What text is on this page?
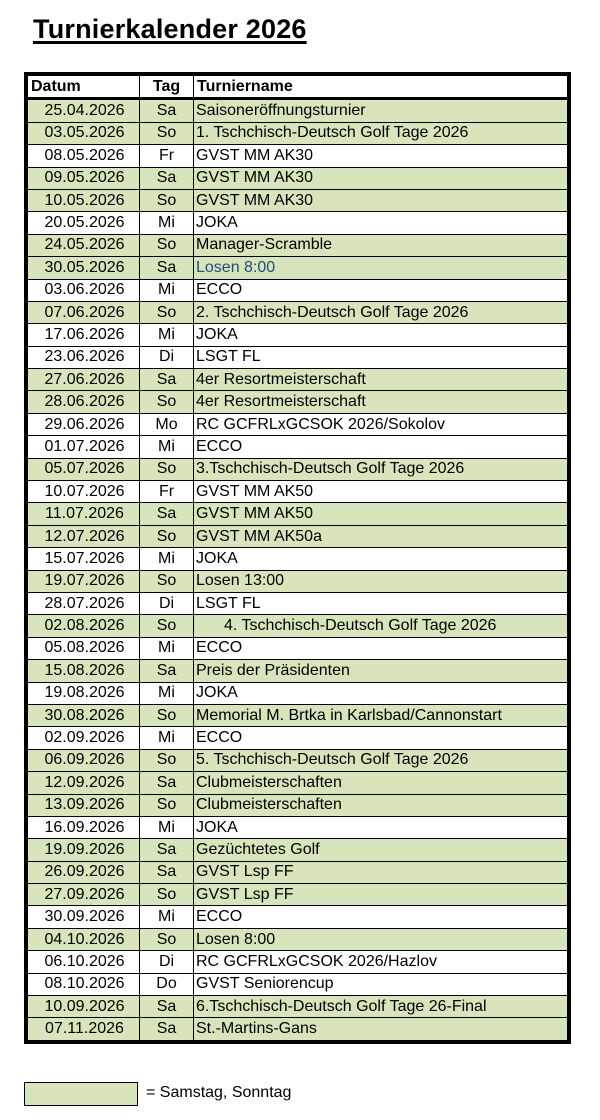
Turnierkalender 2026
Datum	Tag	Turniername
25.04.2026	Sa	Saisoneröffnungsturnier
03.05.2026	So	1. Tschchisch-Deutsch Golf Tage 2026
08.05.2026	Fr	GVST MM AK30
09.05.2026	Sa	GVST MM AK30
10.05.2026	So	GVST MM AK30
20.05.2026	Mi	JOKA
24.05.2026	So	Manager-Scramble
30.05.2026	Sa	Losen 8:00
03.06.2026	Mi	ECCO
07.06.2026	So	2. Tschchisch-Deutsch Golf Tage 2026
17.06.2026	Mi	JOKA
23.06.2026	Di	LSGT FL
27.06.2026	Sa	4er Resortmeisterschaft
28.06.2026	So	4er Resortmeisterschaft
29.06.2026	Mo	RC GCFRLxGCSOK 2026/Sokolov
01.07.2026	Mi	ECCO
05.07.2026	So	3.Tschchisch-Deutsch Golf Tage 2026
10.07.2026	Fr	GVST MM AK50
11.07.2026	Sa	GVST MM AK50
12.07.2026	So	GVST MM AK50a
15.07.2026	Mi	JOKA
19.07.2026	So	Losen 13:00
28.07.2026	Di	LSGT FL
02.08.2026	So	4. Tschchisch-Deutsch Golf Tage 2026
05.08.2026	Mi	ECCO
15.08.2026	Sa	Preis der Präsidenten
19.08.2026	Mi	JOKA
30.08.2026	So	Memorial M. Brtka in Karlsbad/Cannonstart
02.09.2026	Mi	ECCO
06.09.2026	So	5. Tschchisch-Deutsch Golf Tage 2026
12.09.2026	Sa	Clubmeisterschaften
13.09.2026	So	Clubmeisterschaften
16.09.2026	Mi	JOKA
19.09.2026	Sa	Gezüchtetes Golf
26.09.2026	Sa	GVST Lsp FF
27.09.2026	So	GVST Lsp FF
30.09.2026	Mi	ECCO
04.10.2026	So	Losen 8:00
06.10.2026	Di	RC GCFRLxGCSOK 2026/Hazlov
08.10.2026	Do	GVST Seniorencup
10.09.2026	Sa	6.Tschchisch-Deutsch Golf Tage 26-Final
07.11.2026	Sa	St.-Martins-Gans
= Samstag, Sonntag
